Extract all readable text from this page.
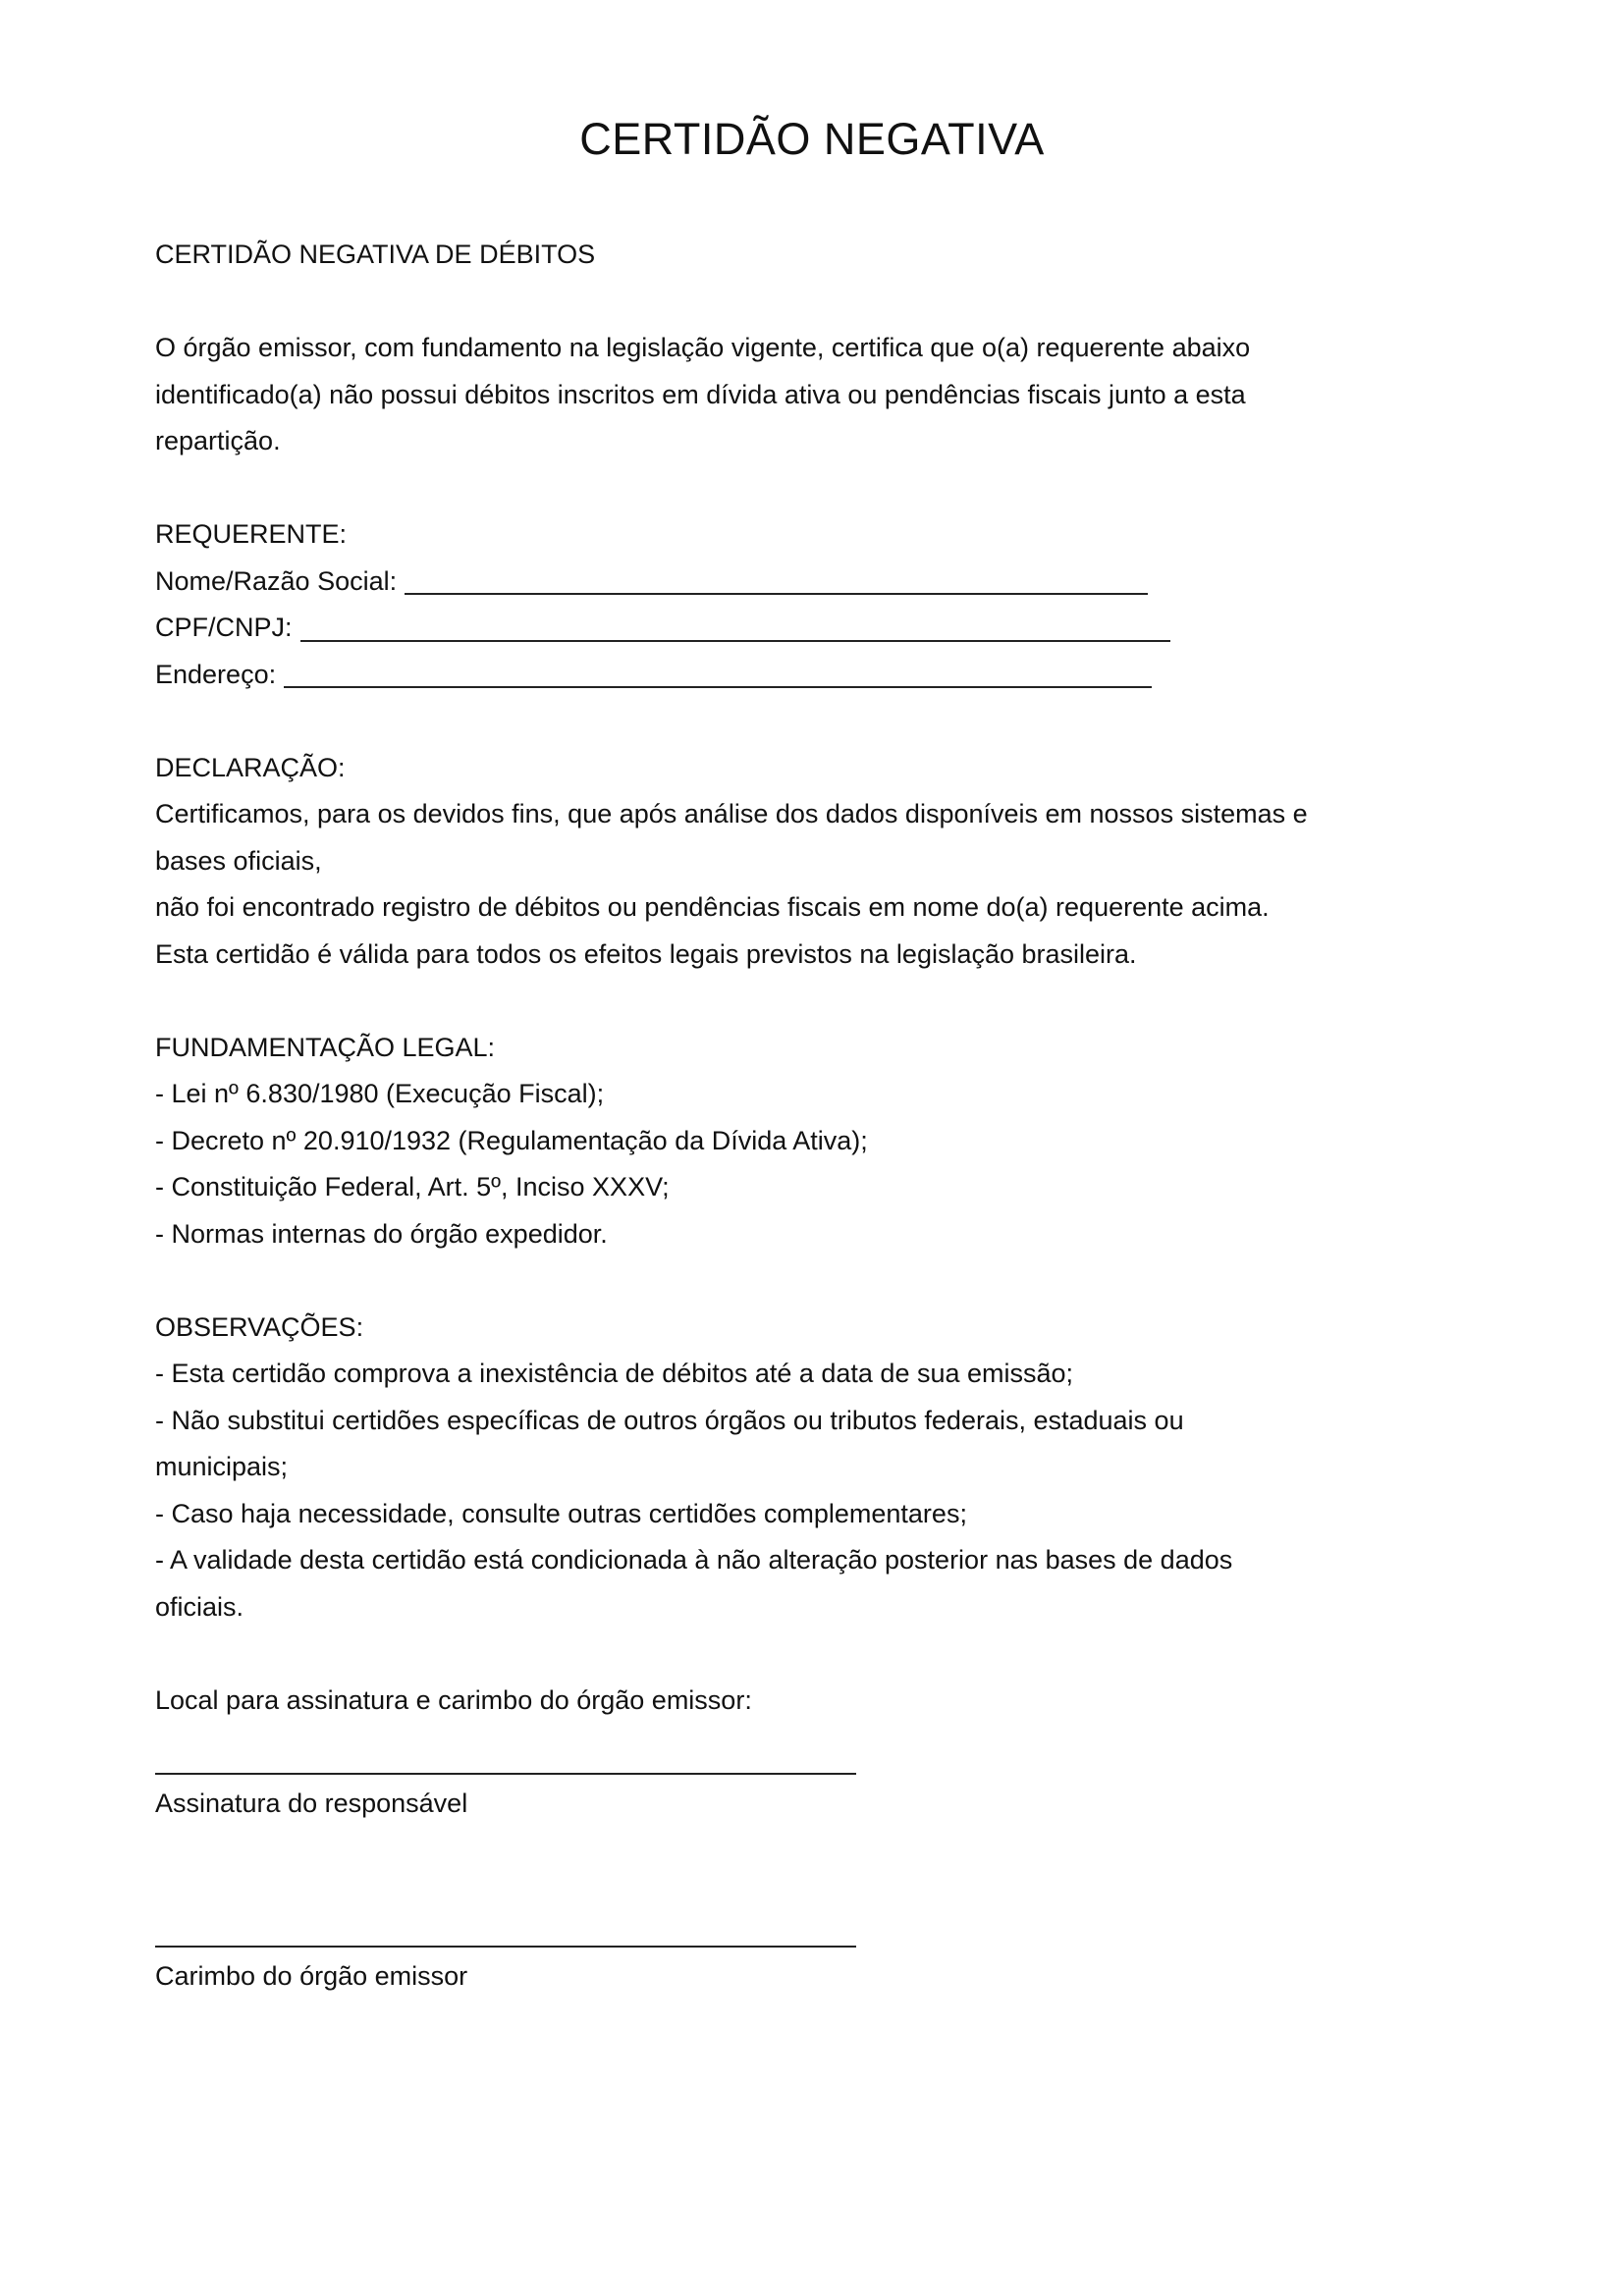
CERTIDÃO NEGATIVA

CERTIDÃO NEGATIVA DE DÉBITOS

O órgão emissor, com fundamento na legislação vigente, certifica que o(a) requerente abaixo

identificado(a) não possui débitos inscritos em dívida ativa ou pendências fiscais junto a esta

repartição.

REQUERENTE:

Nome/Razão Social:
CPF/CNPJ:
Endereço:

DECLARAÇÃO:

Certificamos, para os devidos fins, que após análise dos dados disponíveis em nossos sistemas e

bases oficiais,

não foi encontrado registro de débitos ou pendências fiscais em nome do(a) requerente acima.

Esta certidão é válida para todos os efeitos legais previstos na legislação brasileira.

FUNDAMENTAÇÃO LEGAL:

- Lei nº 6.830/1980 (Execução Fiscal);

- Decreto nº 20.910/1932 (Regulamentação da Dívida Ativa);

- Constituição Federal, Art. 5º, Inciso XXXV;

- Normas internas do órgão expedidor.

OBSERVAÇÕES:

- Esta certidão comprova a inexistência de débitos até a data de sua emissão;

- Não substitui certidões específicas de outros órgãos ou tributos federais, estaduais ou

municipais;

- Caso haja necessidade, consulte outras certidões complementares;

- A validade desta certidão está condicionada à não alteração posterior nas bases de dados

oficiais.

Local para assinatura e carimbo do órgão emissor:

Assinatura do responsável

Carimbo do órgão emissor
